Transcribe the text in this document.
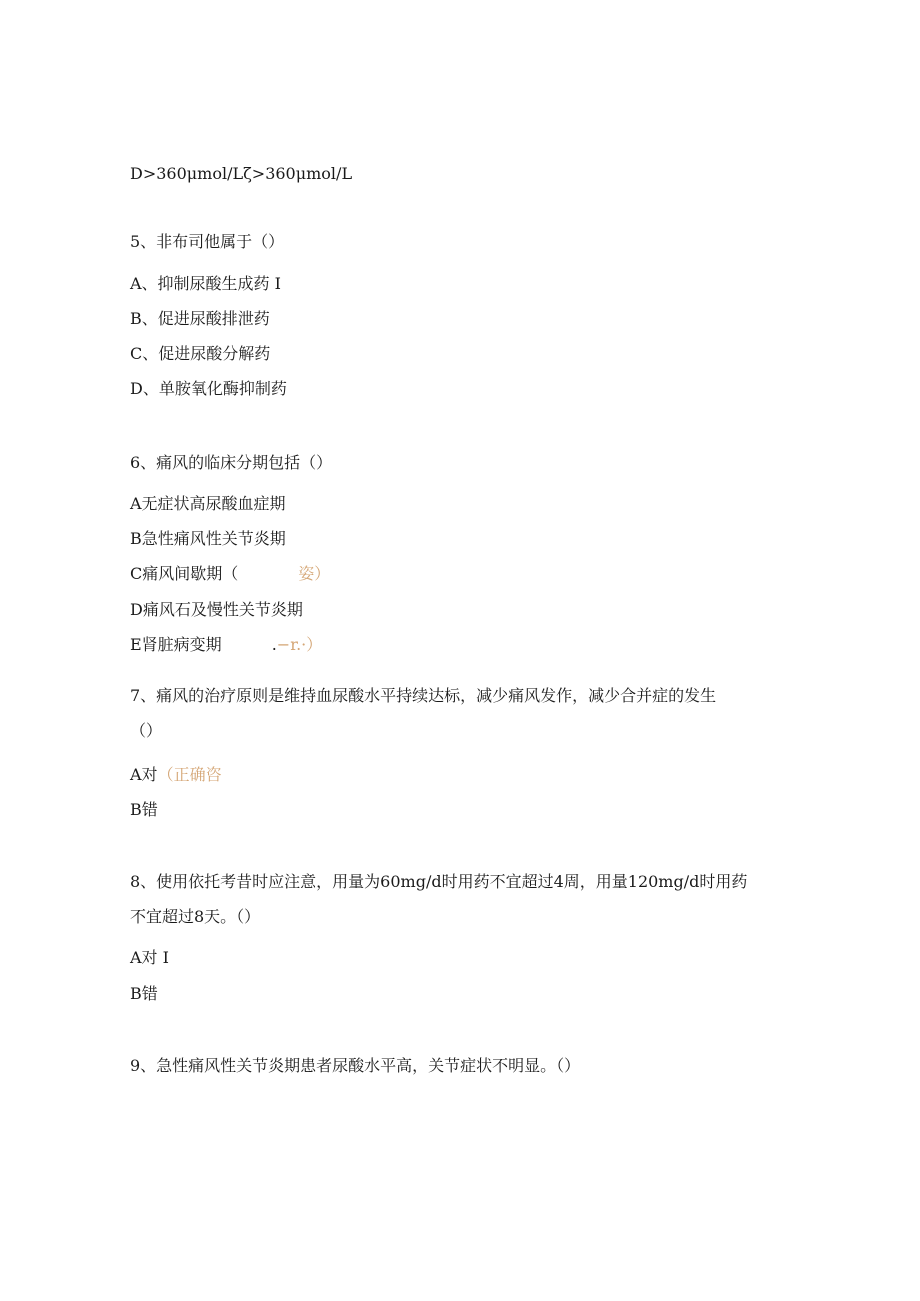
D>360μmol∕Lζ>360μmol∕L
5、非布司他属于（）
A、抑制尿酸生成药 I
B、促进尿酸排泄药
C、促进尿酸分解药
D、单胺氧化酶抑制药
6、痛风的临床分期包括（）
A无症状高尿酸血症期
B急性痛风性关节炎期
C痛风间歇期（	姿）
D痛风石及慢性关节炎期
E肾脏病变期	.−r.·）
7、痛风的治疗原则是维持血尿酸水平持续达标，减少痛风发作，减少合并症的发生
（）
A对（正确咨
B错
8、使用依托考昔时应注意，用量为60mg∕d时用药不宜超过4周，用量120mg∕d时用药
不宜超过8天。（）
A对 I
B错
9、急性痛风性关节炎期患者尿酸水平高，关节症状不明显。（）
